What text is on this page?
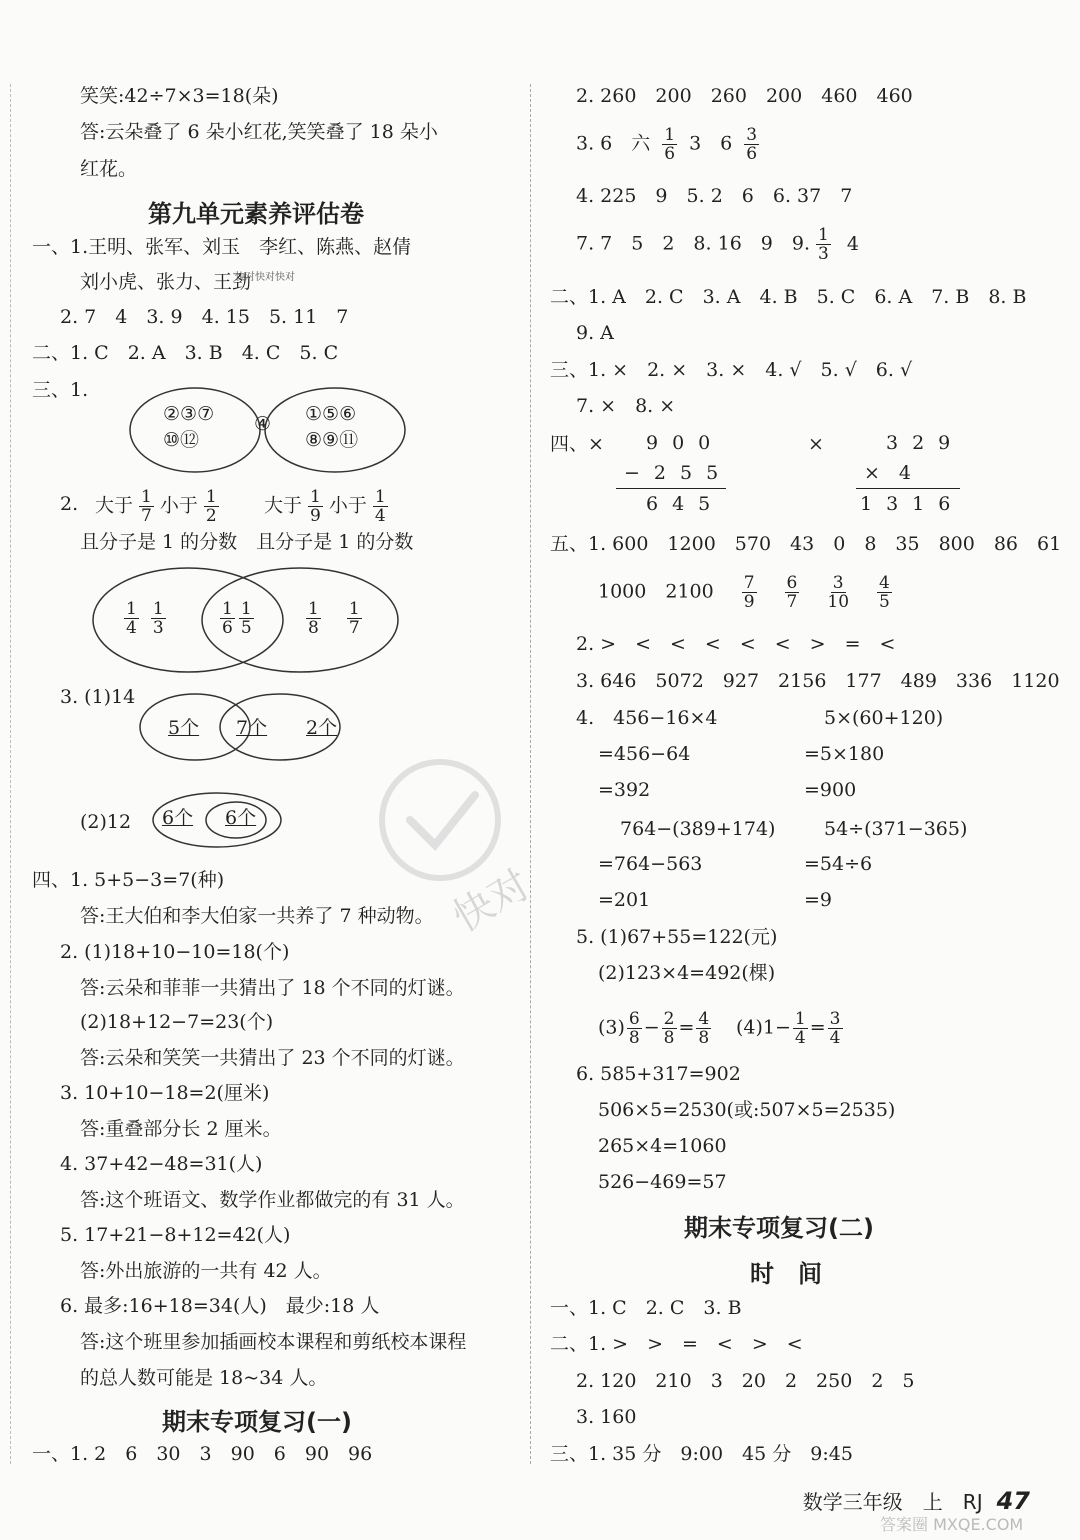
笑笑:42÷7×3=18(朵)
答:云朵叠了 6 朵小红花,笑笑叠了 18 朵小
红花。
第九单元素养评估卷
一、1.王明、张军、刘玉　李红、陈燕、赵倩
刘小虎、张力、王劲
快对快对快对
2. 7　4　3. 9　4. 15　5. 11　7
二、1. C　2. A　3. B　4. C　5. C
三、1.
②③⑦
⑩⑫
④ ①⑤⑥
⑧⑨⑪
2. 大于 $\frac{1}{7}$ 小于 $\frac{1}{2}$ 大于 $\frac{1}{9}$ 小于 $\frac{1}{4}$
且分子是 1 的分数　且分子是 1 的分数
$\frac{1}{4} \frac{1}{3}$	$\frac{1}{6} \frac{1}{5}$	$\frac{1}{8} \frac{1}{7}$
3. (1)14
5个 7个 2个
(2)12 6个 6个
四、1. 5+5−3=7(种)
答:王大伯和李大伯家一共养了 7 种动物。
2. (1)18+10−10=18(个)
答:云朵和菲菲一共猜出了 18 个不同的灯谜。
(2)18+12−7=23(个)
答:云朵和笑笑一共猜出了 23 个不同的灯谜。
3. 10+10−18=2(厘米)
答:重叠部分长 2 厘米。
4. 37+42−48=31(人)
答:这个班语文、数学作业都做完的有 31 人。
5. 17+21−8+12=42(人)
答:外出旅游的一共有 42 人。
6. 最多:16+18=34(人)　最少:18 人
答:这个班里参加插画校本课程和剪纸校本课程
的总人数可能是 18~34 人。
期末专项复习(一)
一、1. 2　6　30　3　90　6　90　96
2. 260　200　260　200　460　460
3. 6　六 $\frac{1}{6} 3$　$6 \frac{3}{6}$
4. 225　9　5. 2　6　6. 37　7
7. 7　5　2　8. 16　9　9. $\frac{1}{3} 4$
二、1. A　2. C　3. A　4. B　5. C　6. A　7. B　8. B
9. A
三、1. ×　2. ×　3. ×　4. √　5. √　6. √
7. ×　8. ×
四、×	900
−255
645
×	329
×　4
1316
五、1. 600　1200　570　43　0　8　35　800　86　61
1000　$2100 \frac{7}{9} \frac{6}{7} \frac{3}{10} \frac{4}{5}$
2. >　<　<　<　<　<　>　=　<
3. 646　5072　927　2156　177　489　336　1120
4.　456−16×4
=456−64
=392
5×(60+120)
=5×180
=900
764−(389+174)
=764−563
=201
54÷(371−365)
=54÷6
=9
5. (1)67+55=122(元)
(2)123×4=492(棵)
$(3) \frac{6}{8} - \frac{2}{8} = \frac{4}{8} (4)1- \frac{1}{4} = \frac{3}{4}$
6. 585+317=902
506×5=2530(或:507×5=2535)
265×4=1060
526−469=57
期末专项复习(二)
时　间
一、1. C　2. C　3. B
二、1. >　>　=　<　>　<
2. 120　210　3　20　2　250　2　5
3. 160
三、1. 35 分　9:00　45 分　9:45
快对
答案圈 MXQE.COM
数学三年级　上　RJ 47
